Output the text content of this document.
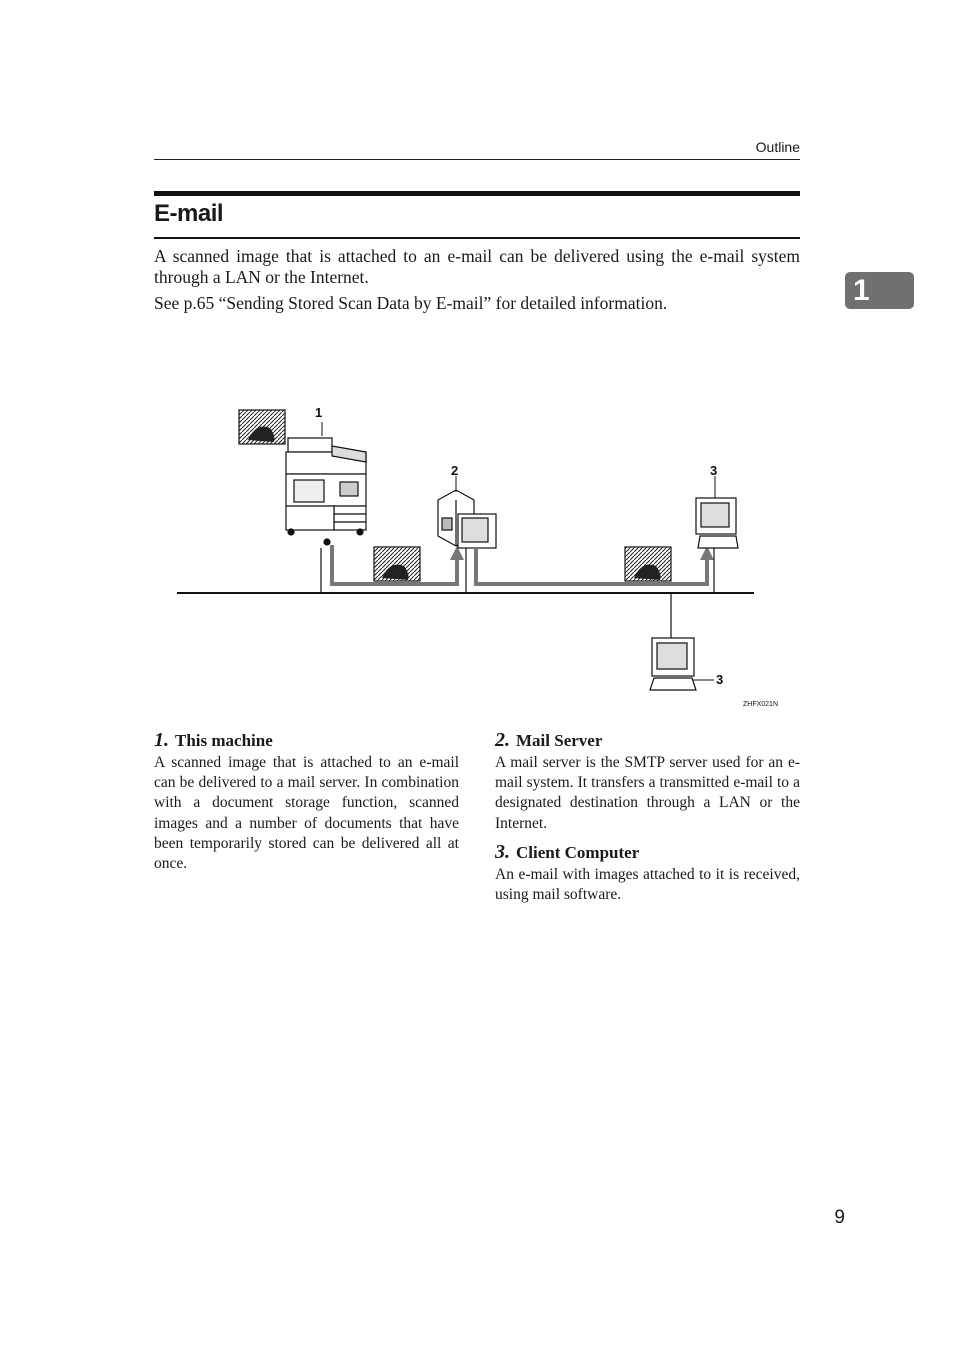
Outline
E-mail

A scanned image that is attached to an e-mail can be delivered using the e-mail system through a LAN or the Internet.

See p.65 “Sending Stored Scan Data by E-mail” for detailed information.	1
1
2	3
3
ZHFX021N

1. This machine

A scanned image that is attached to an e-mail can be delivered to a mail server. In combination with a document storage function, scanned images and a number of documents that have been temporarily stored can be delivered all at once.

2. Mail Server

A mail server is the SMTP server used for an e-mail system. It transfers a transmitted e-mail to a designated destination through a LAN or the Internet.

3. Client Computer

An e-mail with images attached to it is received, using mail software.

9
